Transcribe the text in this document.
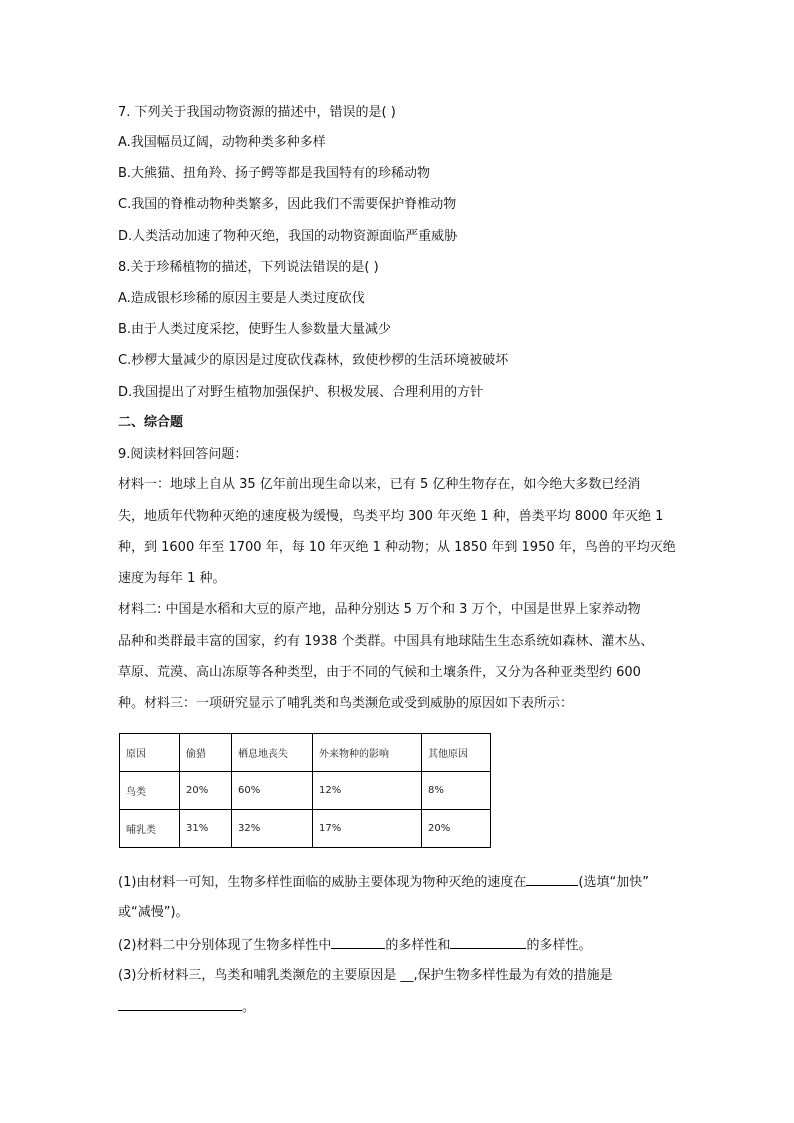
7. 下列关于我国动物资源的描述中，错误的是( )
A.我国幅员辽阔，动物种类多种多样
B.大熊猫、扭角羚、扬子鳄等都是我国特有的珍稀动物
C.我国的脊椎动物种类繁多，因此我们不需要保护脊椎动物
D.人类活动加速了物种灭绝，我国的动物资源面临严重威胁
8.关于珍稀植物的描述，下列说法错误的是( )
A.造成银杉珍稀的原因主要是人类过度砍伐
B.由于人类过度采挖，使野生人参数量大量减少
C.杪椤大量减少的原因是过度砍伐森林，致使杪椤的生活环境被破坏
D.我国提出了对野生植物加强保护、积极发展、合理利用的方针
二、综合题
9.阅读材料回答问题：
材料一：地球上自从 35 亿年前出现生命以来，已有 5 亿种生物存在，如今绝大多数已经消
失，地质年代物种灭绝的速度极为缓慢，鸟类平均 300 年灭绝 1 种，兽类平均 8000 年灭绝 1
种，到 1600 年至 1700 年，每 10 年灭绝 1 种动物；从 1850 年到 1950 年，鸟兽的平均灭绝
速度为每年 1 种。
材料二: 中国是水稻和大豆的原产地，品种分别达 5 万个和 3 万个，中国是世界上家养动物
品种和类群最丰富的国家，约有 1938 个类群。中国具有地球陆生生态系统如森林、灌木丛、
草原、荒漠、高山冻原等各种类型，由于不同的气候和土壤条件，又分为各种亚类型约 600
种。材料三：一项研究显示了哺乳类和鸟类濒危或受到威胁的原因如下表所示：
原因	偷猎	栖息地丧失	外来物种的影响	其他原因
鸟类	20%	60%	12%	8%
哺乳类	31%	32%	17%	20%
(1)由材料一可知，生物多样性面临的威胁主要体现为物种灭绝的速度在	(选填“加快”
或“减慢”)。
(2)材料二中分别体现了生物多样性中	的多样性和	的多样性。
(3)分析材料三，鸟类和哺乳类濒危的主要原因是 __,保护生物多样性最为有效的措施是
。
